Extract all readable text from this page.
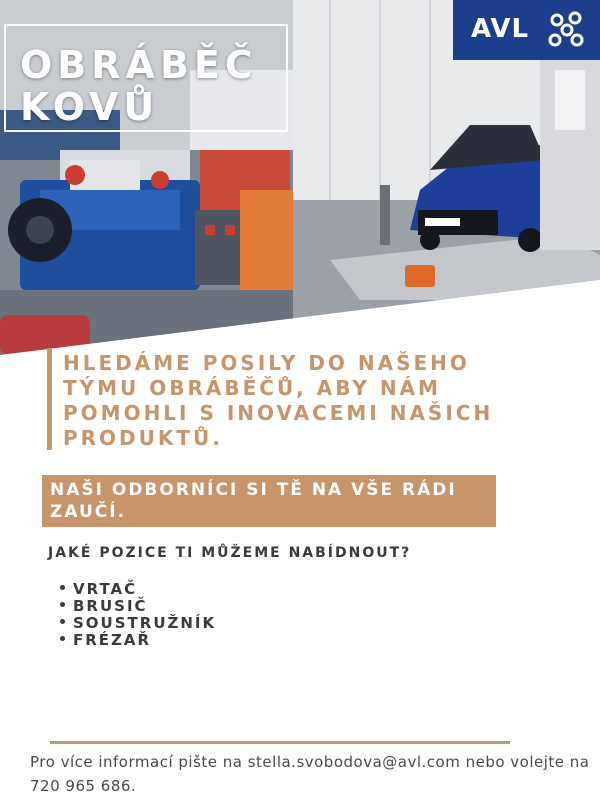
OBRÁBĚČ
KOVŮ
AVL
HLEDÁME POSILY DO NAŠEHO TÝMU OBRÁBĚČŮ, ABY NÁM POMOHLI S INOVACEMI NAŠICH PRODUKTŮ.
NAŠI ODBORNÍCI SI TĚ NA VŠE RÁDI ZAUČÍ.
JAKÉ POZICE TI MŮŽEME NABÍDNOUT?
VRTAČ
BRUSIČ
SOUSTRUŽNÍK
FRÉZAŘ
Pro více informací pište na stella.svobodova@avl.com nebo volejte na 720 965 686.
